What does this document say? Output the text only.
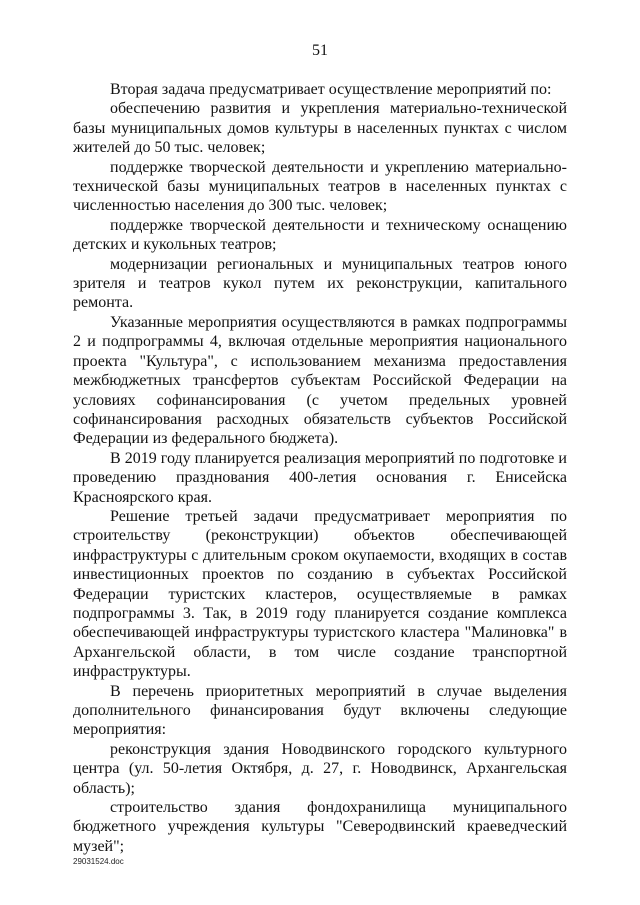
51

Вторая задача предусматривает осуществление мероприятий по:

обеспечению развития и укрепления материально-технической базы муниципальных домов культуры в населенных пунктах с числом жителей до 50 тыс. человек;

поддержке творческой деятельности и укреплению материально-технической базы муниципальных театров в населенных пунктах с численностью населения до 300 тыс. человек;

поддержке творческой деятельности и техническому оснащению детских и кукольных театров;

модернизации региональных и муниципальных театров юного зрителя и театров кукол путем их реконструкции, капитального ремонта.

Указанные мероприятия осуществляются в рамках подпрограммы 2 и подпрограммы 4, включая отдельные мероприятия национального проекта "Культура", с использованием механизма предоставления межбюджетных трансфертов субъектам Российской Федерации на условиях софинансирования (с учетом предельных уровней софинансирования расходных обязательств субъектов Российской Федерации из федерального бюджета).

В 2019 году планируется реализация мероприятий по подготовке и проведению празднования 400-летия основания г. Енисейска Красноярского края.

Решение третьей задачи предусматривает мероприятия по строительству (реконструкции) объектов обеспечивающей инфраструктуры с длительным сроком окупаемости, входящих в состав инвестиционных проектов по созданию в субъектах Российской Федерации туристских кластеров, осуществляемые в рамках подпрограммы 3. Так, в 2019 году планируется создание комплекса обеспечивающей инфраструктуры туристского кластера "Малиновка" в Архангельской области, в том числе создание транспортной инфраструктуры.

В перечень приоритетных мероприятий в случае выделения дополнительного финансирования будут включены следующие мероприятия:

реконструкция здания Новодвинского городского культурного центра (ул. 50-летия Октября, д. 27, г. Новодвинск, Архангельская область);

строительство здания фондохранилища муниципального бюджетного учреждения культуры "Северодвинский краеведческий музей";

29031524.doc
